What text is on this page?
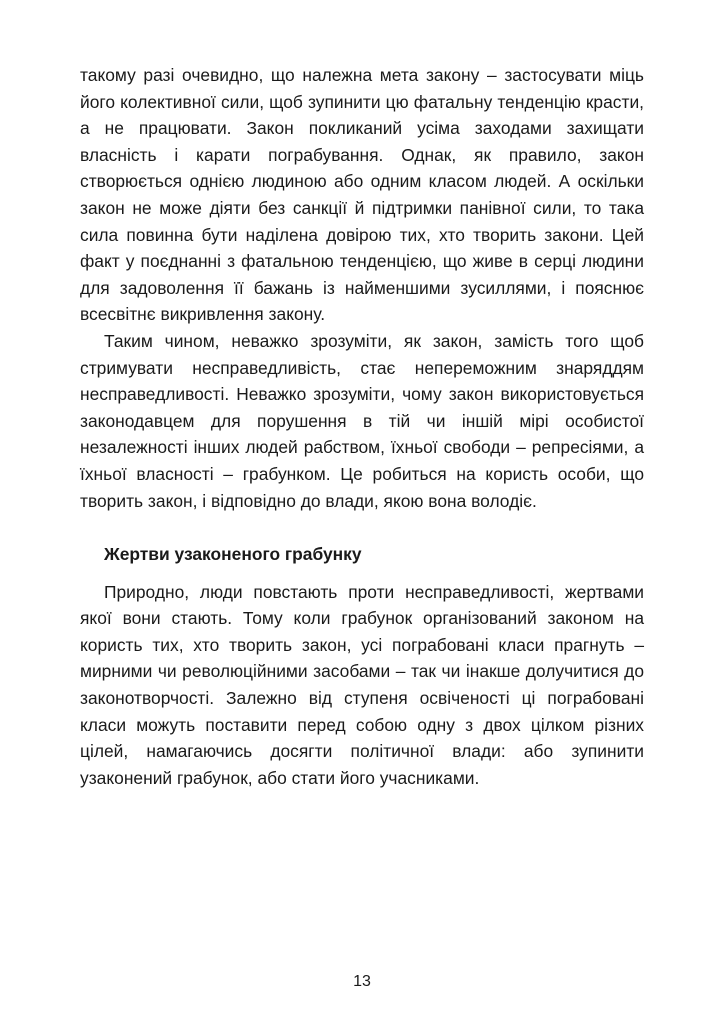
такому разі очевидно, що належна мета закону – застосувати міць його колективної сили, щоб зупинити цю фатальну тенденцію красти, а не працювати. Закон покликаний усіма заходами захищати власність і карати пограбування. Однак, як правило, закон створюється однією людиною або одним класом людей. А оскільки закон не може діяти без санкції й підтримки панівної сили, то така сила повинна бути наділена довірою тих, хто творить закони. Цей факт у поєднанні з фатальною тенденцією, що живе в серці людини для задоволення її бажань із найменшими зусиллями, і пояснює всесвітнє викривлення закону.

Таким чином, неважко зрозуміти, як закон, замість того щоб стримувати несправедливість, стає непереможним знаряддям несправедливості. Неважко зрозуміти, чому закон використовується законодавцем для порушення в тій чи іншій мірі особистої незалежності інших людей рабством, їхньої свободи – репресіями, а їхньої власності – грабунком. Це робиться на користь особи, що творить закон, і відповідно до влади, якою вона володіє.

Жертви узаконеного грабунку

Природно, люди повстають проти несправедливості, жертвами якої вони стають. Тому коли грабунок організований законом на користь тих, хто творить закон, усі пограбовані класи прагнуть – мирними чи революційними засобами – так чи інакше долучитися до законотворчості. Залежно від ступеня освіченості ці пограбовані класи можуть поставити перед собою одну з двох цілком різних цілей, намагаючись досягти політичної влади: або зупинити узаконений грабунок, або стати його учасниками.

13
